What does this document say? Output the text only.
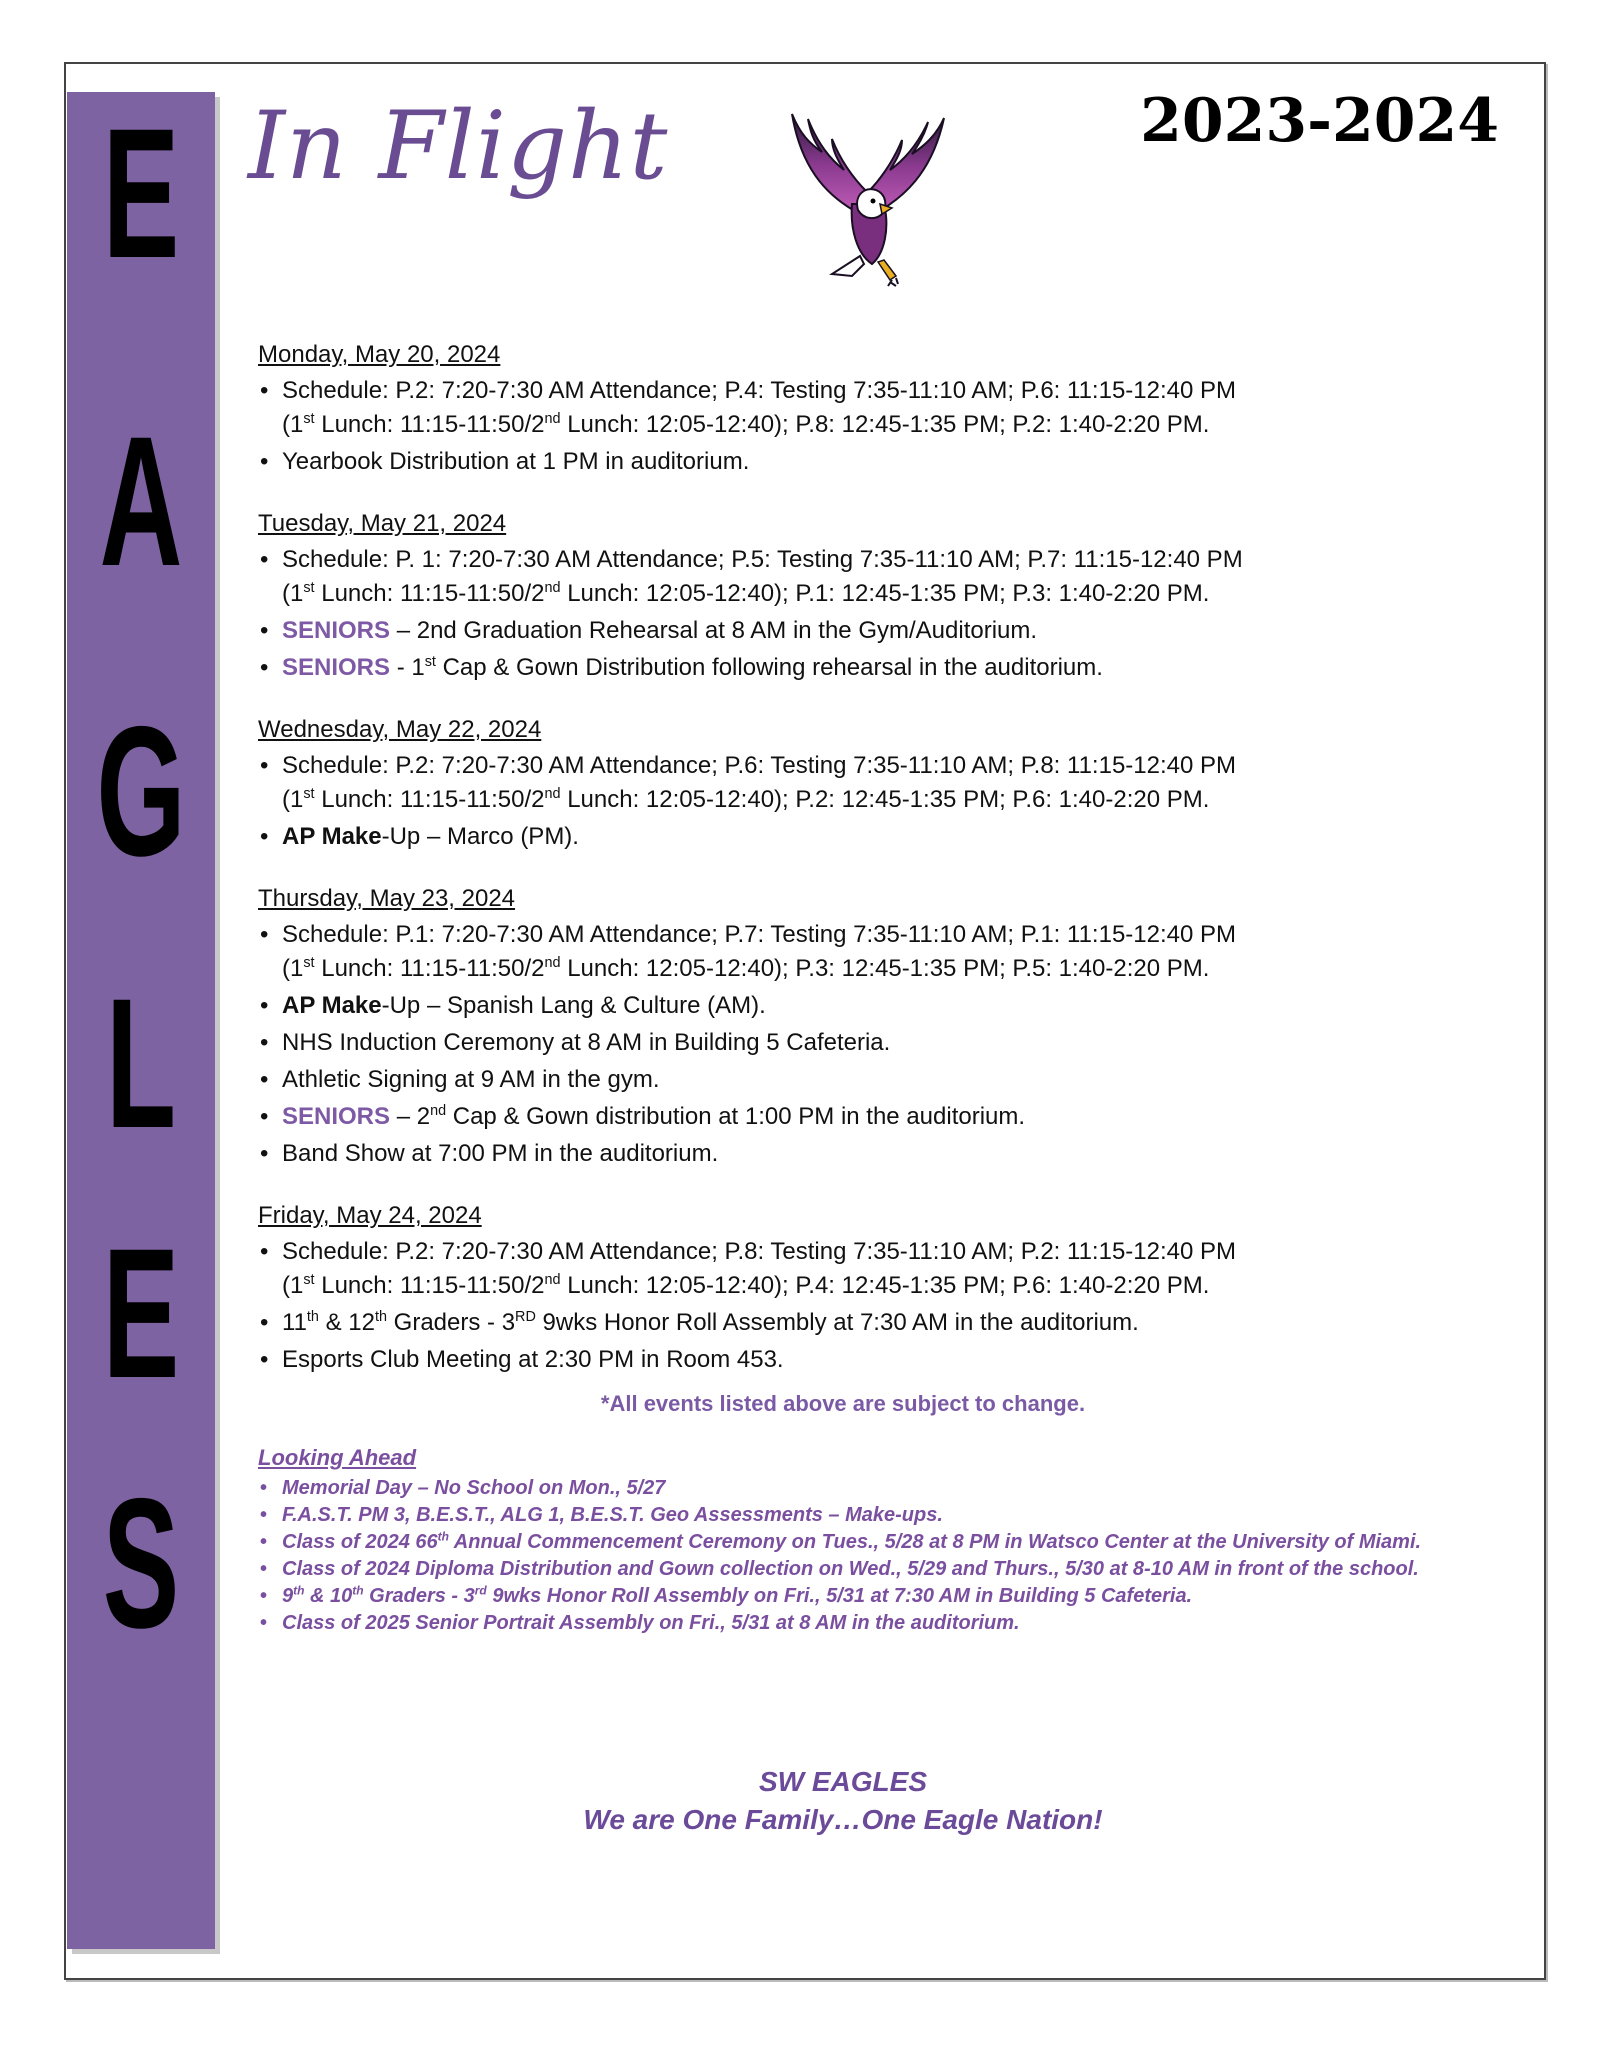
E
A
G
L
E
S
In Flight	2023-2024
Monday, May 20, 2024
• Schedule: P.2: 7:20-7:30 AM Attendance; P.4: Testing 7:35-11:10 AM; P.6: 11:15-12:40 PM
(1st Lunch: 11:15-11:50/2nd Lunch: 12:05-12:40); P.8: 12:45-1:35 PM; P.2: 1:40-2:20 PM.
• Yearbook Distribution at 1 PM in auditorium.
Tuesday, May 21, 2024
• Schedule: P. 1: 7:20-7:30 AM Attendance; P.5: Testing 7:35-11:10 AM; P.7: 11:15-12:40 PM
(1st Lunch: 11:15-11:50/2nd Lunch: 12:05-12:40); P.1: 12:45-1:35 PM; P.3: 1:40-2:20 PM.
• SENIORS – 2nd Graduation Rehearsal at 8 AM in the Gym/Auditorium.
• SENIORS - 1st Cap & Gown Distribution following rehearsal in the auditorium.
Wednesday, May 22, 2024
• Schedule: P.2: 7:20-7:30 AM Attendance; P.6: Testing 7:35-11:10 AM; P.8: 11:15-12:40 PM
(1st Lunch: 11:15-11:50/2nd Lunch: 12:05-12:40); P.2: 12:45-1:35 PM; P.6: 1:40-2:20 PM.
• AP Make-Up – Marco (PM).
Thursday, May 23, 2024
• Schedule: P.1: 7:20-7:30 AM Attendance; P.7: Testing 7:35-11:10 AM; P.1: 11:15-12:40 PM
(1st Lunch: 11:15-11:50/2nd Lunch: 12:05-12:40); P.3: 12:45-1:35 PM; P.5: 1:40-2:20 PM.
• AP Make-Up – Spanish Lang & Culture (AM).
• NHS Induction Ceremony at 8 AM in Building 5 Cafeteria.
• Athletic Signing at 9 AM in the gym.
• SENIORS – 2nd Cap & Gown distribution at 1:00 PM in the auditorium.
• Band Show at 7:00 PM in the auditorium.
Friday, May 24, 2024
• Schedule: P.2: 7:20-7:30 AM Attendance; P.8: Testing 7:35-11:10 AM; P.2: 11:15-12:40 PM
(1st Lunch: 11:15-11:50/2nd Lunch: 12:05-12:40); P.4: 12:45-1:35 PM; P.6: 1:40-2:20 PM.
• 11th & 12th Graders - 3RD 9wks Honor Roll Assembly at 7:30 AM in the auditorium.
• Esports Club Meeting at 2:30 PM in Room 453.
*All events listed above are subject to change.
Looking Ahead
• Memorial Day – No School on Mon., 5/27
• F.A.S.T. PM 3, B.E.S.T., ALG 1, B.E.S.T. Geo Assessments – Make-ups.
• Class of 2024 66th Annual Commencement Ceremony on Tues., 5/28 at 8 PM in Watsco Center at the University of Miami.
• Class of 2024 Diploma Distribution and Gown collection on Wed., 5/29 and Thurs., 5/30 at 8-10 AM in front of the school.
• 9th & 10th Graders - 3rd 9wks Honor Roll Assembly on Fri., 5/31 at 7:30 AM in Building 5 Cafeteria.
• Class of 2025 Senior Portrait Assembly on Fri., 5/31 at 8 AM in the auditorium.
SW EAGLES
We are One Family…One Eagle Nation!
